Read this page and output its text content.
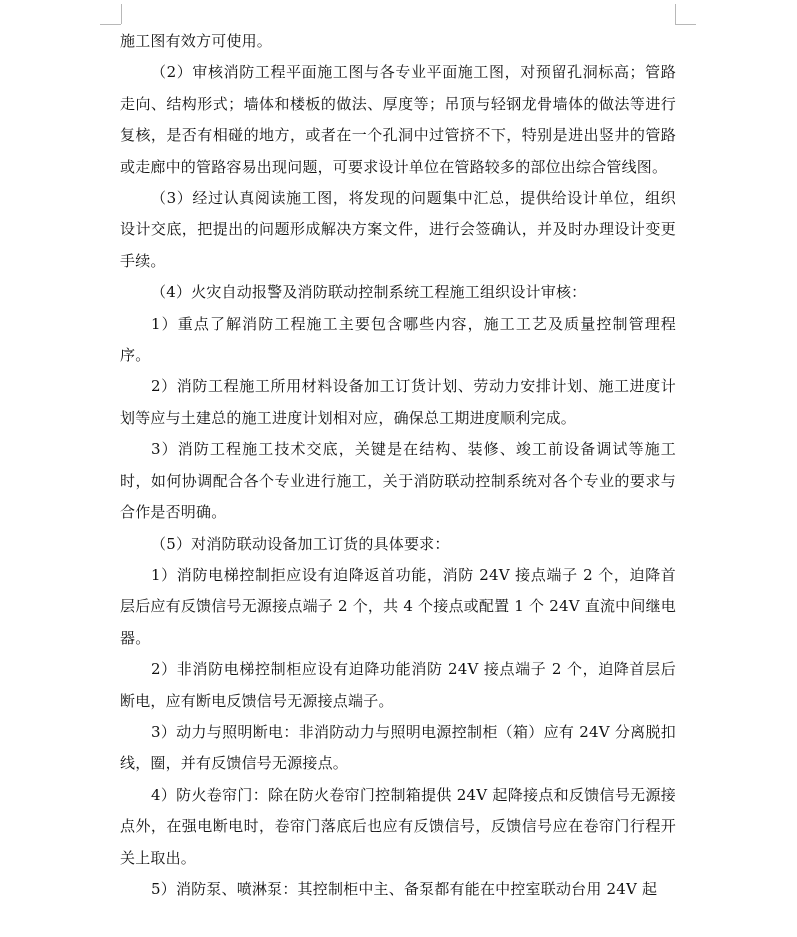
施工图有效方可使用。

（2）审核消防工程平面施工图与各专业平面施工图，对预留孔洞标高；管路走向、结构形式；墙体和楼板的做法、厚度等；吊顶与轻钢龙骨墙体的做法等进行复核，是否有相碰的地方，或者在一个孔洞中过管挤不下，特别是进出竖井的管路或走廊中的管路容易出现问题，可要求设计单位在管路较多的部位出综合管线图。

（3）经过认真阅读施工图，将发现的问题集中汇总，提供给设计单位，组织设计交底，把提出的问题形成解决方案文件，进行会签确认，并及时办理设计变更手续。

（4）火灾自动报警及消防联动控制系统工程施工组织设计审核：

1）重点了解消防工程施工主要包含哪些内容，施工工艺及质量控制管理程序。

2）消防工程施工所用材料设备加工订货计划、劳动力安排计划、施工进度计划等应与土建总的施工进度计划相对应，确保总工期进度顺利完成。

3）消防工程施工技术交底，关键是在结构、装修、竣工前设备调试等施工时，如何协调配合各个专业进行施工，关于消防联动控制系统对各个专业的要求与合作是否明确。

（5）对消防联动设备加工订货的具体要求：

1）消防电梯控制拒应设有迫降返首功能，消防 24V 接点端子 2 个，迫降首层后应有反馈信号无源接点端子 2 个，共 4 个接点或配置 1 个 24V 直流中间继电器。

2）非消防电梯控制柜应设有迫降功能消防 24V 接点端子 2 个，迫降首层后断电，应有断电反馈信号无源接点端子。

3）动力与照明断电：非消防动力与照明电源控制柜（箱）应有 24V 分离脱扣线，圈，并有反馈信号无源接点。

4）防火卷帘门：除在防火卷帘门控制箱提供 24V 起降接点和反馈信号无源接点外，在强电断电时，卷帘门落底后也应有反馈信号，反馈信号应在卷帘门行程开关上取出。

5）消防泵、喷淋泵：其控制柜中主、备泵都有能在中控室联动台用 24V 起
